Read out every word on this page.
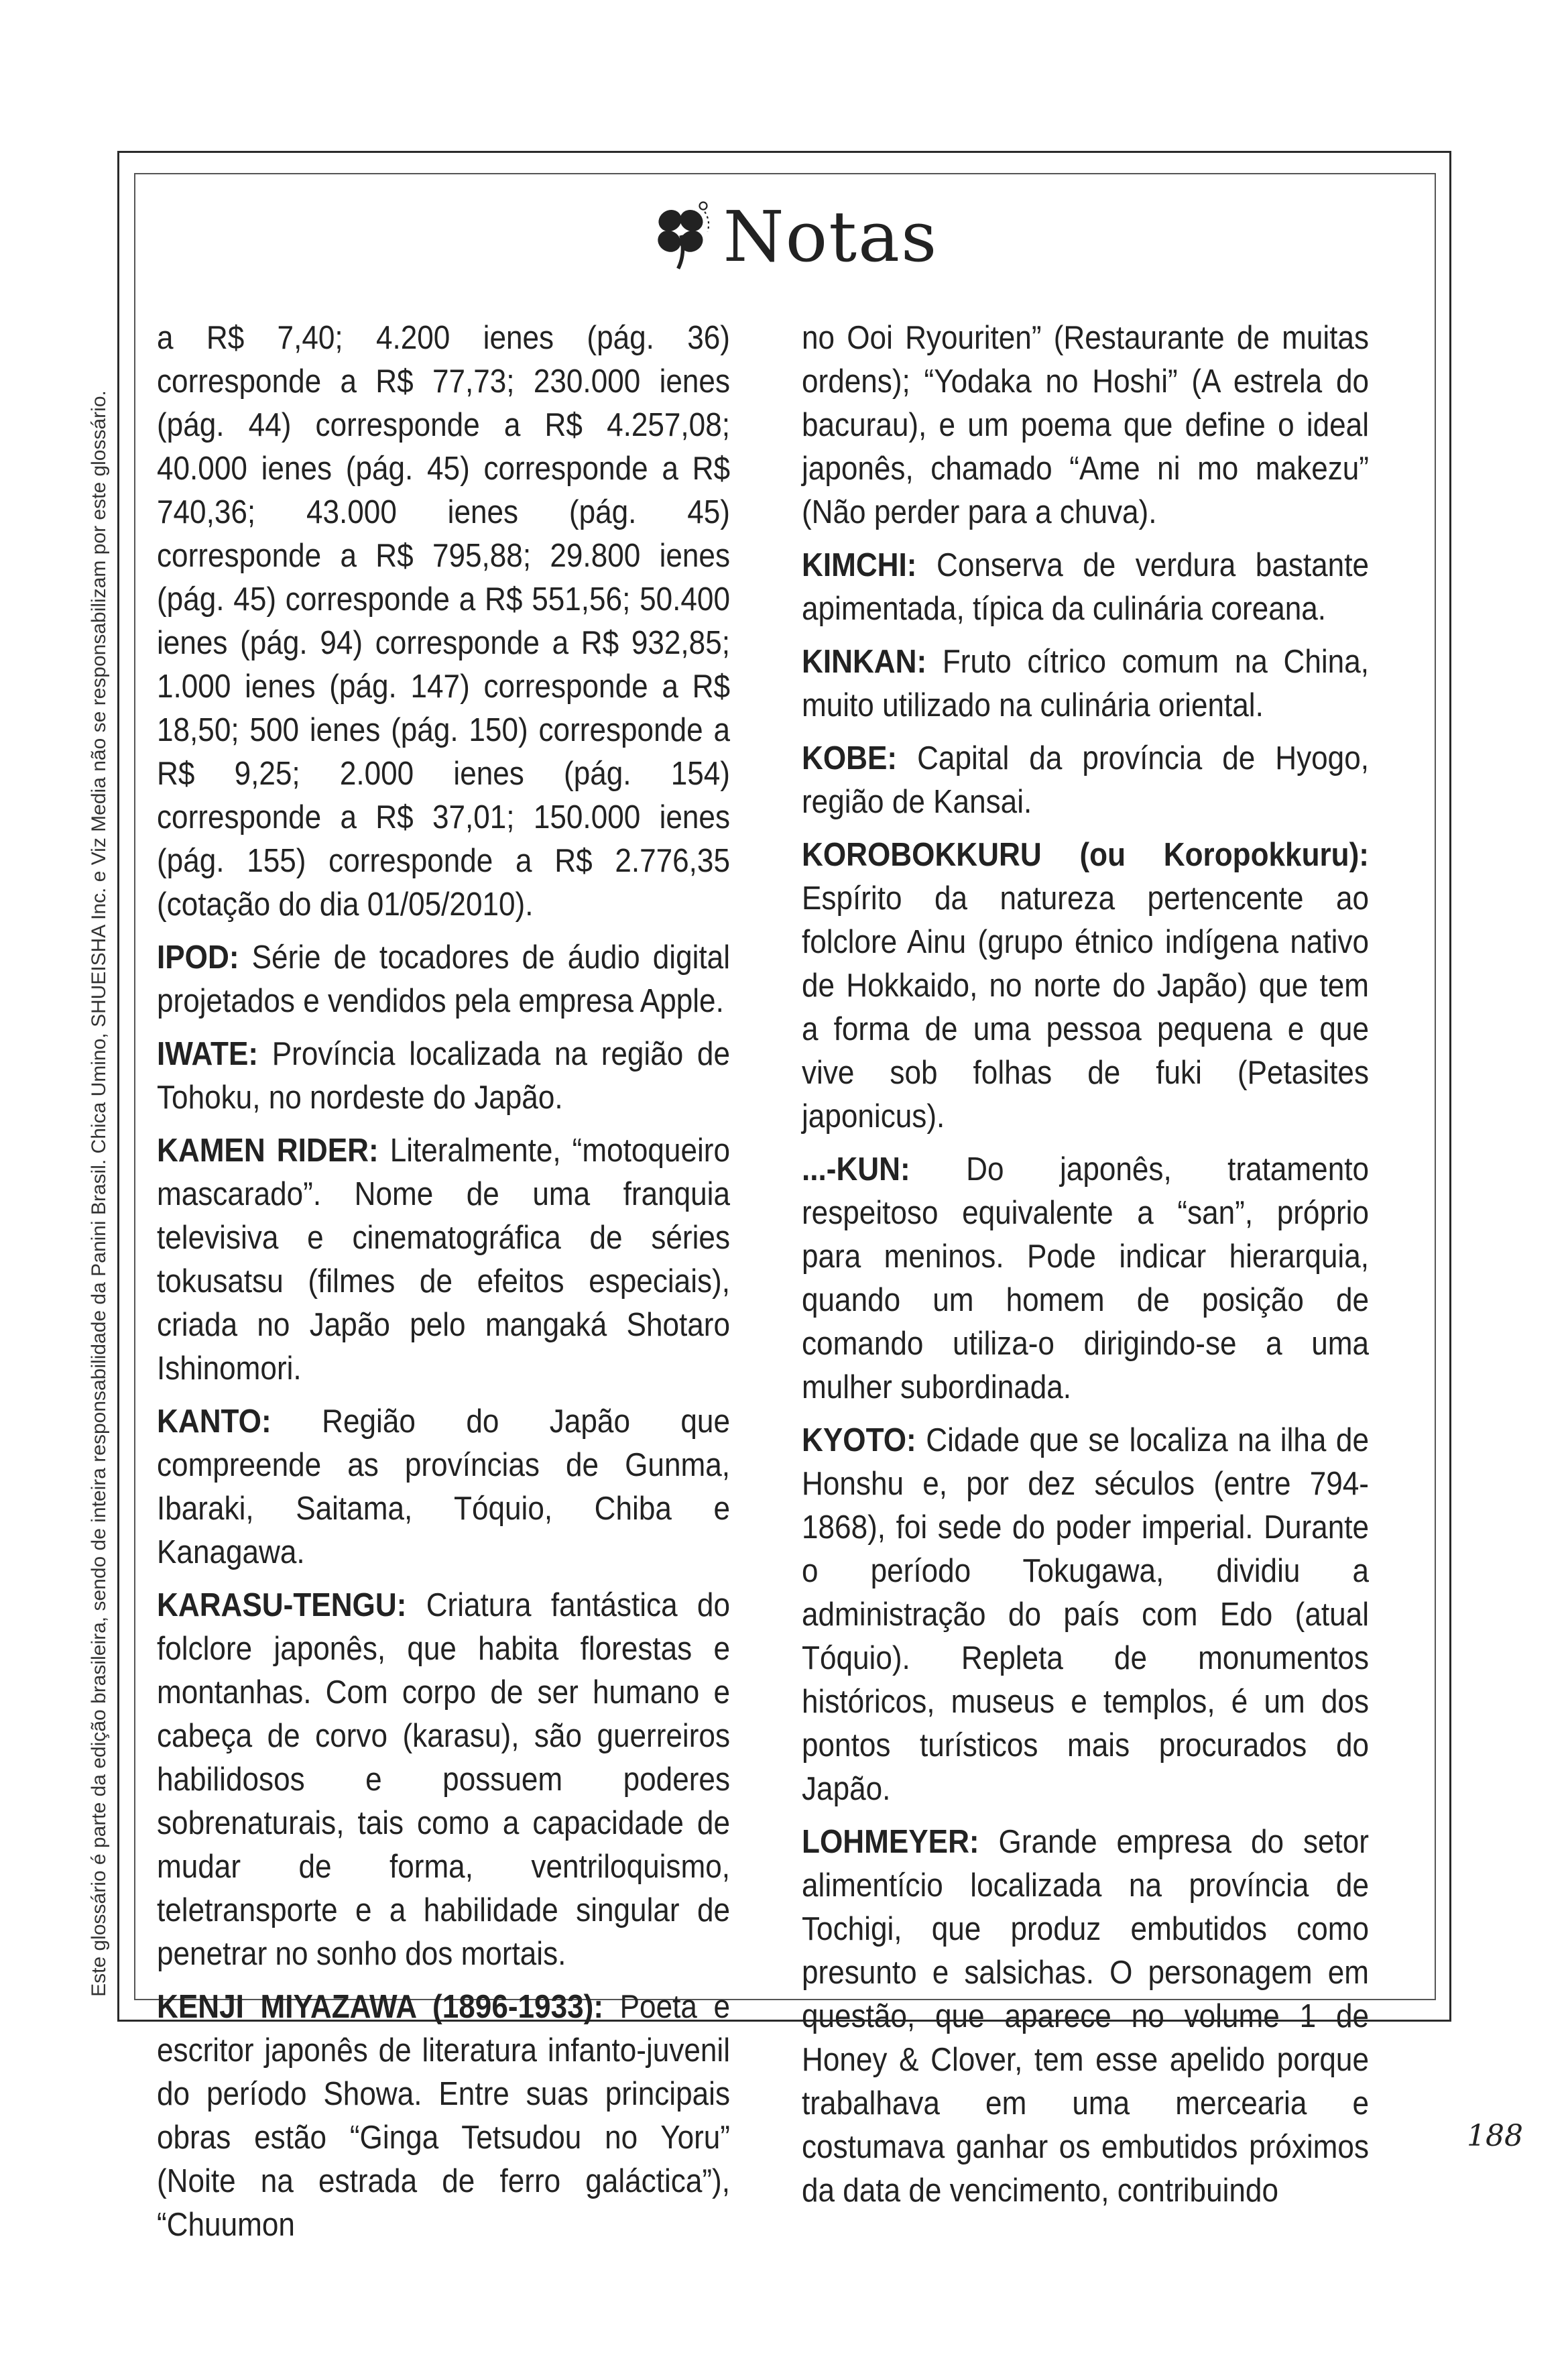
Este glossário é parte da edição brasileira, sendo de inteira responsabilidade da Panini Brasil. Chica Umino, SHUEISHA Inc. e Viz Media não se responsabilizam por este glossário.
Notas

a R$ 7,40; 4.200 ienes (pág. 36) corresponde a R$ 77,73; 230.000 ienes (pág. 44) corresponde a R$ 4.257,08; 40.000 ienes (pág. 45) corresponde a R$ 740,36; 43.000 ienes (pág. 45) corresponde a R$ 795,88; 29.800 ienes (pág. 45) corresponde a R$ 551,56; 50.400 ienes (pág. 94) corresponde a R$ 932,85; 1.000 ienes (pág. 147) corresponde a R$ 18,50; 500 ienes (pág. 150) corresponde a R$ 9,25; 2.000 ienes (pág. 154) corresponde a R$ 37,01; 150.000 ienes (pág. 155) corresponde a R$ 2.776,35 (cotação do dia 01/05/2010).

IPOD: Série de tocadores de áudio digital projetados e vendidos pela empresa Apple.

IWATE: Província localizada na região de Tohoku, no nordeste do Japão.

KAMEN RIDER: Literalmente, “motoqueiro mascarado”. Nome de uma franquia televisiva e cinematográfica de séries tokusatsu (filmes de efeitos especiais), criada no Japão pelo mangaká Shotaro Ishinomori.

KANTO: Região do Japão que compreende as províncias de Gunma, Ibaraki, Saitama, Tóquio, Chiba e Kanagawa.

KARASU-TENGU: Criatura fantástica do folclore japonês, que habita florestas e montanhas. Com corpo de ser humano e cabeça de corvo (karasu), são guerreiros habilidosos e possuem poderes sobrenaturais, tais como a capacidade de mudar de forma, ventriloquismo, teletransporte e a habilidade singular de penetrar no sonho dos mortais.

KENJI MIYAZAWA (1896-1933): Poeta e escritor japonês de literatura infanto-juvenil do período Showa. Entre suas principais obras estão “Ginga Tetsudou no Yoru” (Noite na estrada de ferro galáctica”), “Chuumon

no Ooi Ryouriten” (Restaurante de muitas ordens); “Yodaka no Hoshi” (A estrela do bacurau), e um poema que define o ideal japonês, chamado “Ame ni mo makezu” (Não perder para a chuva).

KIMCHI: Conserva de verdura bastante apimentada, típica da culinária coreana.

KINKAN: Fruto cítrico comum na China, muito utilizado na culinária oriental.

KOBE: Capital da província de Hyogo, região de Kansai.

KOROBOKKURU (ou Koropokkuru): Espírito da natureza pertencente ao folclore Ainu (grupo étnico indígena nativo de Hokkaido, no norte do Japão) que tem a forma de uma pessoa pequena e que vive sob folhas de fuki (Petasites japonicus).

...-KUN: Do japonês, tratamento respeitoso equivalente a “san”, próprio para meninos. Pode indicar hierarquia, quando um homem de posição de comando utiliza-o dirigindo-se a uma mulher subordinada.

KYOTO: Cidade que se localiza na ilha de Honshu e, por dez séculos (entre 794-1868), foi sede do poder imperial. Durante o período Tokugawa, dividiu a administração do país com Edo (atual Tóquio). Repleta de monumentos históricos, museus e templos, é um dos pontos turísticos mais procurados do Japão.

LOHMEYER: Grande empresa do setor alimentício localizada na província de Tochigi, que produz embutidos como presunto e salsichas. O personagem em questão, que aparece no volume 1 de Honey & Clover, tem esse apelido porque trabalhava em uma mercearia e costumava ganhar os embutidos próximos da data de vencimento, contribuindo

188
